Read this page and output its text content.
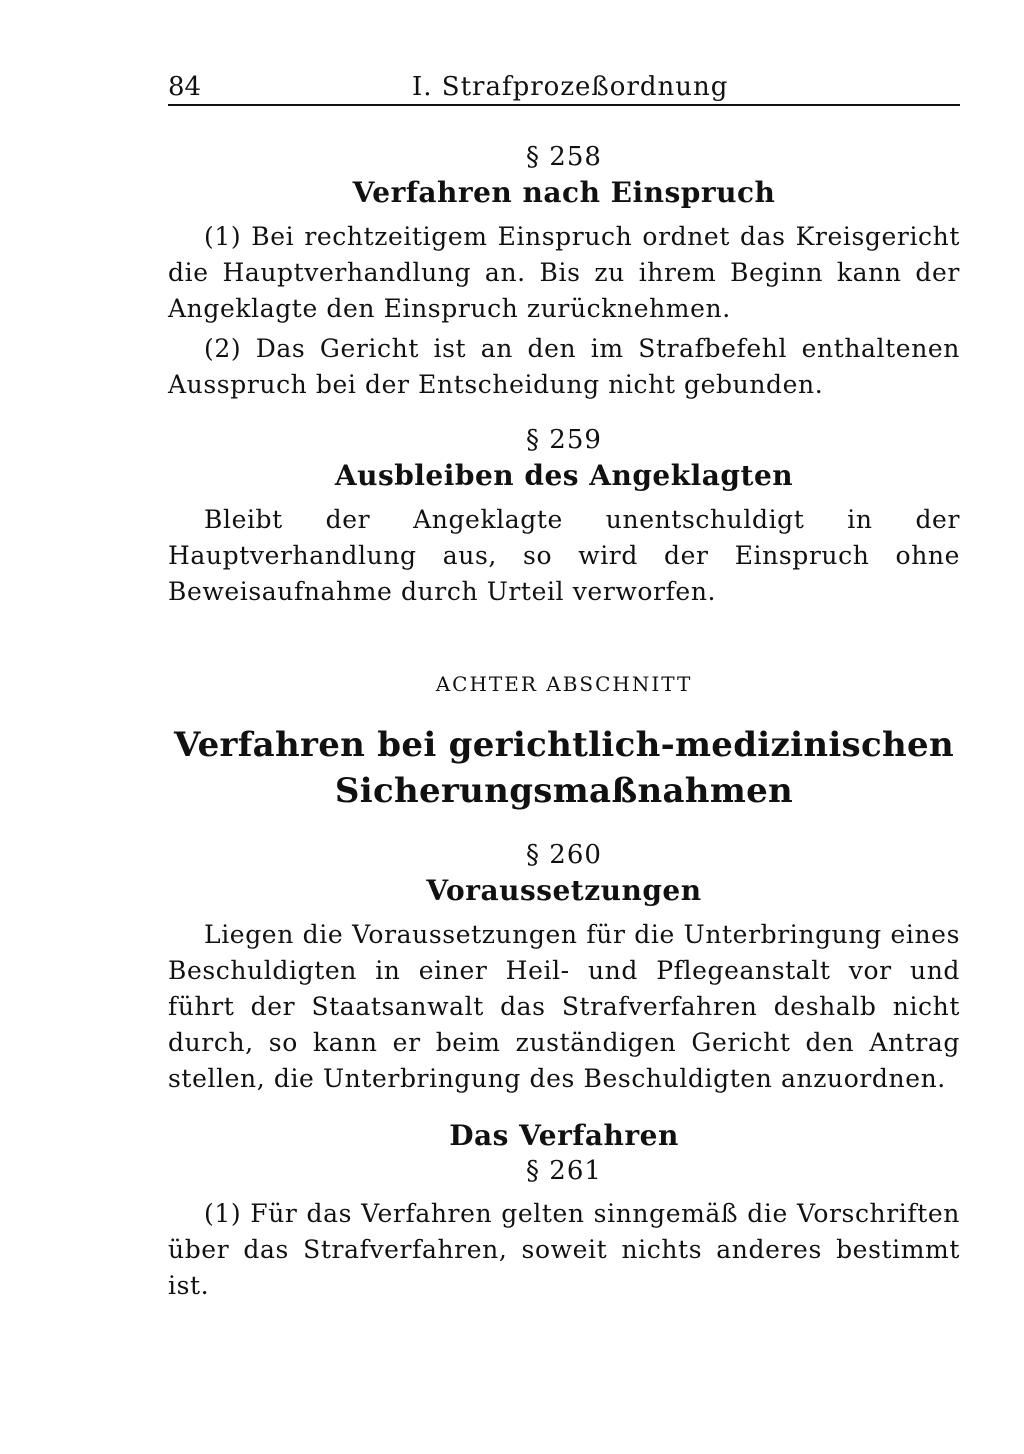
84	I. Strafprozeßordnung
§ 258
Verfahren nach Einspruch

(1) Bei rechtzeitigem Einspruch ordnet das Kreisgericht die Hauptverhandlung an. Bis zu ihrem Beginn kann der Angeklagte den Einspruch zurücknehmen.

(2) Das Gericht ist an den im Strafbefehl enthaltenen Ausspruch bei der Entscheidung nicht gebunden.

§ 259
Ausbleiben des Angeklagten

Bleibt der Angeklagte unentschuldigt in der Hauptverhandlung aus, so wird der Einspruch ohne Beweisaufnahme durch Urteil verworfen.

ACHTER ABSCHNITT
Verfahren bei gerichtlich-medizinischen
Sicherungsmaßnahmen
§ 260
Voraussetzungen

Liegen die Voraussetzungen für die Unterbringung eines Beschuldigten in einer Heil- und Pflegeanstalt vor und führt der Staatsanwalt das Strafverfahren deshalb nicht durch, so kann er beim zuständigen Gericht den Antrag stellen, die Unterbringung des Beschuldigten anzuordnen.

Das Verfahren
§ 261

(1) Für das Verfahren gelten sinngemäß die Vorschriften über das Strafverfahren, soweit nichts anderes bestimmt ist.
